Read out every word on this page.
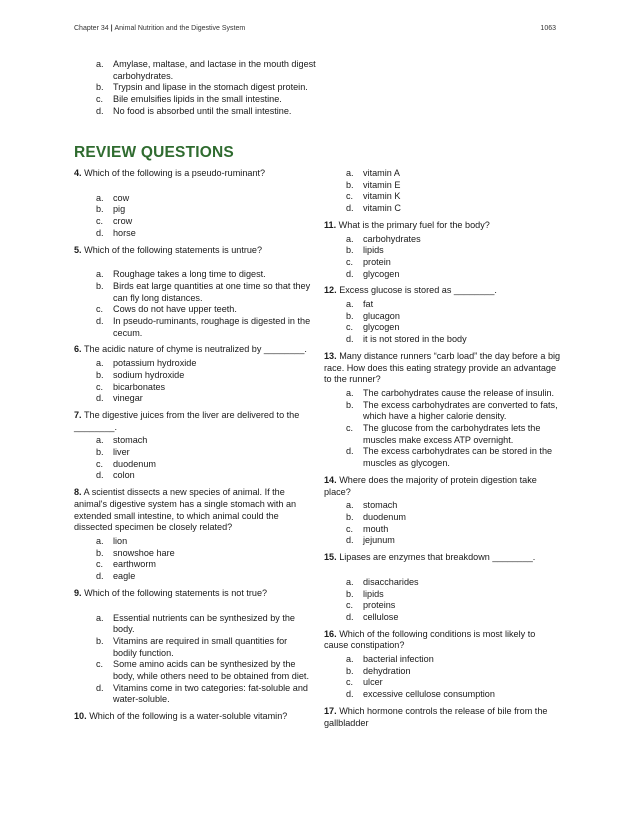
Chapter 34 | Animal Nutrition and the Digestive System	1063
a. Amylase, maltase, and lactase in the mouth digest carbohydrates.
b. Trypsin and lipase in the stomach digest protein.
c. Bile emulsifies lipids in the small intestine.
d. No food is absorbed until the small intestine.
REVIEW QUESTIONS

4. Which of the following is a pseudo-ruminant?

a. cow
b. pig
c. crow
d. horse

5. Which of the following statements is untrue?

a. Roughage takes a long time to digest.
b. Birds eat large quantities at one time so that they can fly long distances.
c. Cows do not have upper teeth.
d. In pseudo-ruminants, roughage is digested in the cecum.

6. The acidic nature of chyme is neutralized by ________.

a. potassium hydroxide
b. sodium hydroxide
c. bicarbonates
d. vinegar

7. The digestive juices from the liver are delivered to the ________.

a. stomach
b. liver
c. duodenum
d. colon

8. A scientist dissects a new species of animal. If the animal's digestive system has a single stomach with an extended small intestine, to which animal could the dissected specimen be closely related?

a. lion
b. snowshoe hare
c. earthworm
d. eagle

9. Which of the following statements is not true?

a. Essential nutrients can be synthesized by the body.
b. Vitamins are required in small quantities for bodily function.
c. Some amino acids can be synthesized by the body, while others need to be obtained from diet.
d. Vitamins come in two categories: fat-soluble and water-soluble.

10. Which of the following is a water-soluble vitamin?

a. vitamin A
b. vitamin E
c. vitamin K
d. vitamin C

11. What is the primary fuel for the body?

a. carbohydrates
b. lipids
c. protein
d. glycogen

12. Excess glucose is stored as ________.

a. fat
b. glucagon
c. glycogen
d. it is not stored in the body

13. Many distance runners “carb load” the day before a big race. How does this eating strategy provide an advantage to the runner?

a. The carbohydrates cause the release of insulin.
b. The excess carbohydrates are converted to fats, which have a higher calorie density.
c. The glucose from the carbohydrates lets the muscles make excess ATP overnight.
d. The excess carbohydrates can be stored in the muscles as glycogen.

14. Where does the majority of protein digestion take place?

a. stomach
b. duodenum
c. mouth
d. jejunum

15. Lipases are enzymes that breakdown ________.

a. disaccharides
b. lipids
c. proteins
d. cellulose

16. Which of the following conditions is most likely to cause constipation?

a. bacterial infection
b. dehydration
c. ulcer
d. excessive cellulose consumption

17. Which hormone controls the release of bile from the gallbladder
